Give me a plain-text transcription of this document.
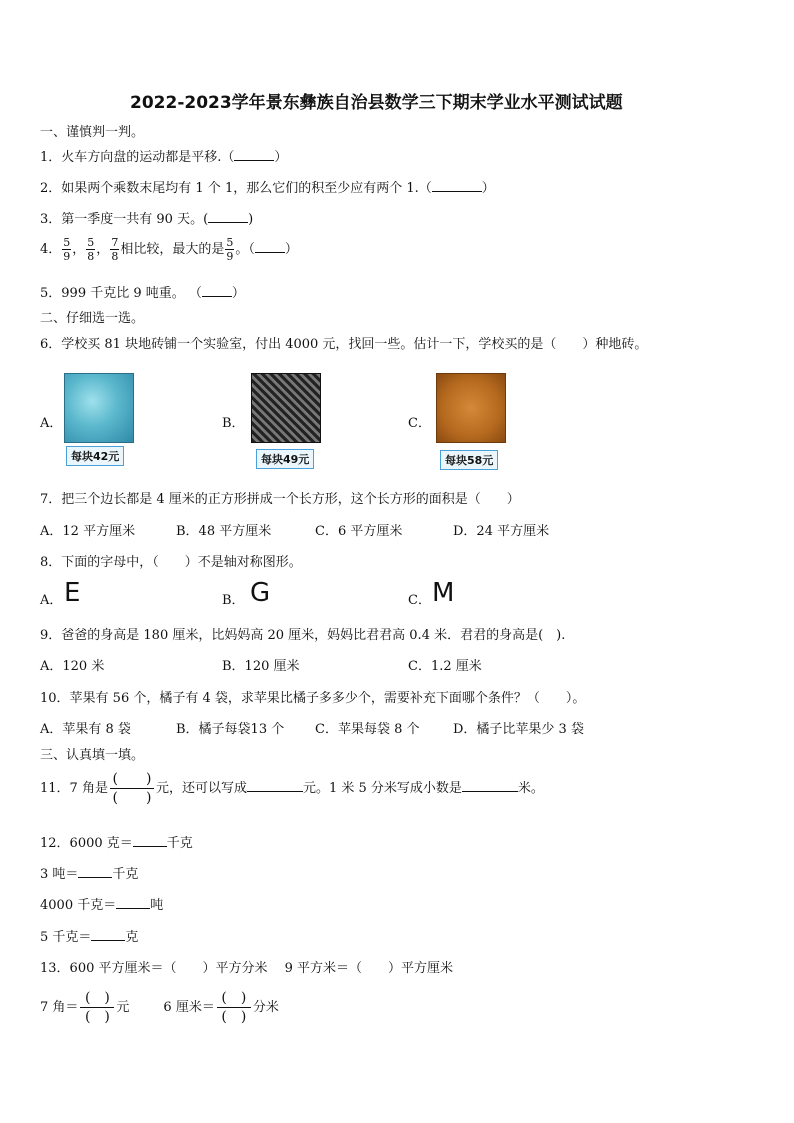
2022-2023学年景东彝族自治县数学三下期末学业水平测试试题
一、谨慎判一判。
1．火车方向盘的运动都是平移.（	）
2．如果两个乘数末尾均有 1 个 1，那么它们的积至少应有两个 1.（	）
3．第一季度一共有 90 天。(	)
4． $\frac{5}{9}$ ， $\frac{5}{8}$ ， $\frac{7}{8}$ 相比较，最大的是 $\frac{5}{9}$ 。（ ）
5．999 千克比 9 吨重。 （ ）
二、仔细选一选。
6．学校买 81 块地砖铺一个实验室，付出 4000 元，找回一些。估计一下，学校买的是（　　）种地砖。
A．
每块42元
B．
每块49元
C．
每块58元
7．把三个边长都是 4 厘米的正方形拼成一个长方形，这个长方形的面积是（　　）
A．12 平方厘米	B．48 平方厘米	C．6 平方厘米	D．24 平方厘米
8．下面的字母中，（　　）不是轴对称图形。
A． E	B． G	C． M
9．爸爸的身高是 180 厘米，比妈妈高 20 厘米，妈妈比君君高 0.4 米．君君的身高是(　).
A．120 米	B．120 厘米	C．1.2 厘米
10．苹果有 56 个，橘子有 4 袋，求苹果比橘子多多少个，需要补充下面哪个条件？（　　）。
A．苹果有 8 袋	B．橘子每袋13 个 C．苹果每袋 8 个	D．橘子比苹果少 3 袋
三、认真填一填。
11．7 角是
(　　)
(　　)
元，还可以写成	元。1 米 5 分米写成小数是	米。
12．6000 克＝	千克
3 吨＝	千克
4000 千克＝	吨
5 千克＝	克
13．600 平方厘米＝（　　）平方分米　 9 平方米＝（　　）平方厘米
7 角＝
(　)
(　)
元	6 厘米＝
(　)
(　)
分米
